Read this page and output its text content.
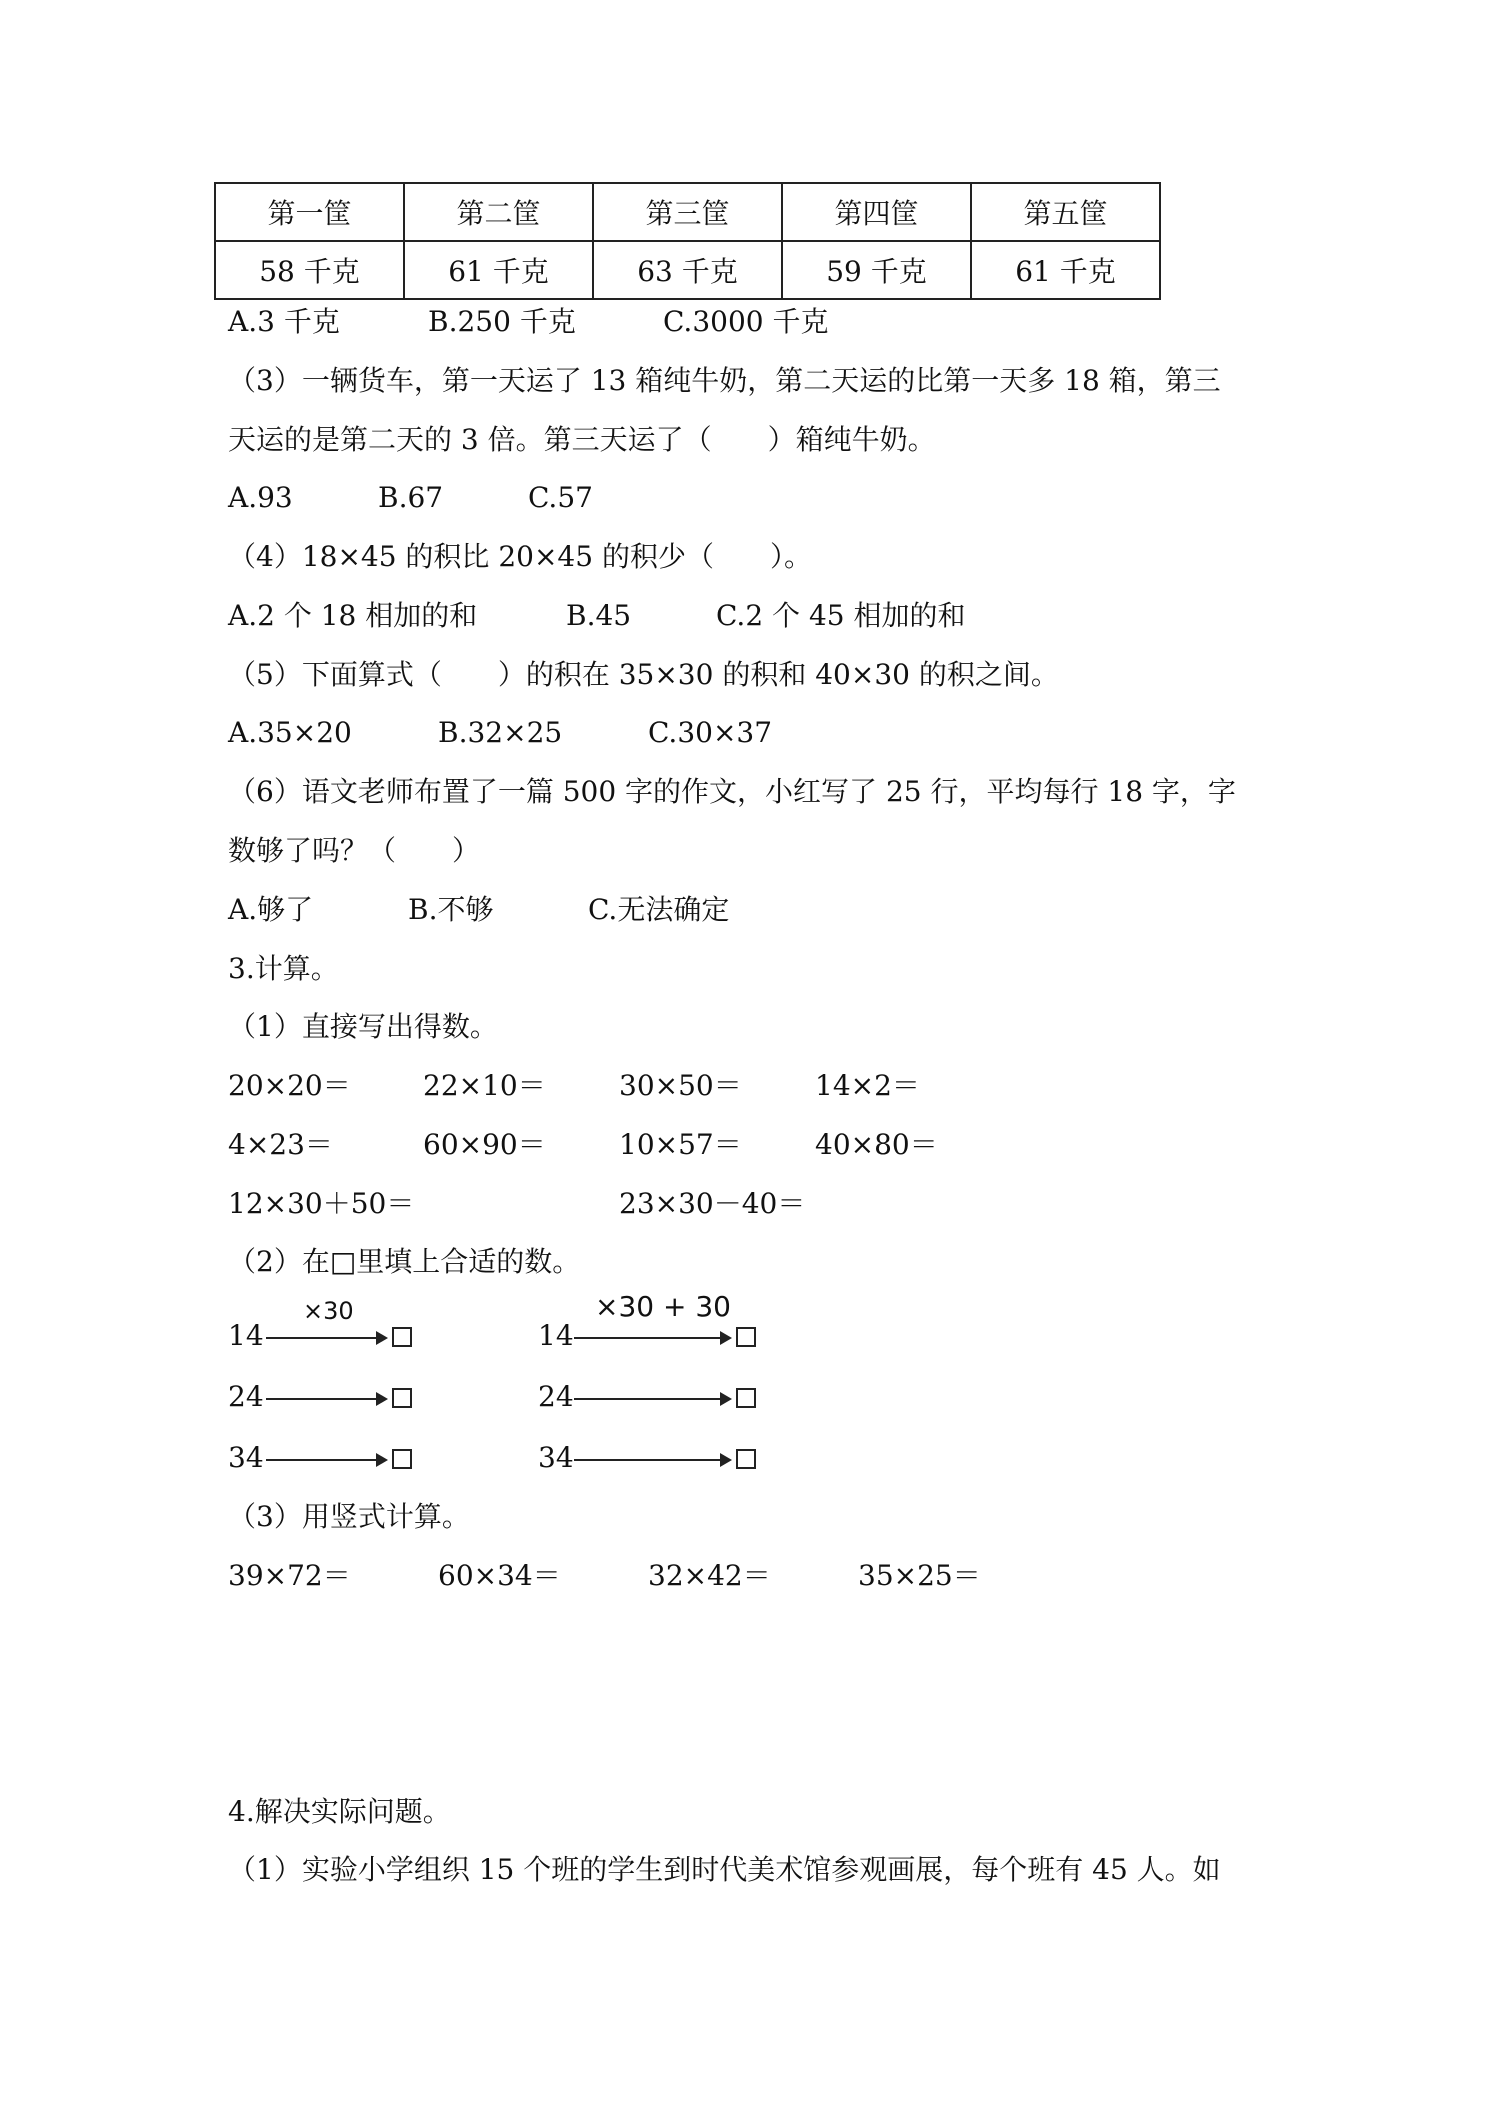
第一筐	第二筐	第三筐	第四筐	第五筐
58 千克	61 千克	63 千克	59 千克	61 千克
A.3 千克	B.250 千克	C.3000 千克
（3）一辆货车，第一天运了 13 箱纯牛奶，第二天运的比第一天多 18 箱，第三
天运的是第二天的 3 倍。第三天运了（　　）箱纯牛奶。
A.93	B.67	C.57
（4）18×45 的积比 20×45 的积少（　　）。
A.2 个 18 相加的和	B.45	C.2 个 45 相加的和
（5）下面算式（　　）的积在 35×30 的积和 40×30 的积之间。
A.35×20	B.32×25	C.30×37
（6）语文老师布置了一篇 500 字的作文，小红写了 25 行，平均每行 18 字，字
数够了吗？（　　）
A.够了	B.不够	C.无法确定
3.计算。
（1）直接写出得数。
20×20＝	22×10＝	30×50＝	14×2＝
4×23＝	60×90＝	10×57＝	40×80＝
12×30＋50＝	23×30－40＝
（2）在□里填上合适的数。
×30
14
24
34
×30 + 30
14
24
34
（3）用竖式计算。
39×72＝	60×34＝	32×42＝	35×25＝
4.解决实际问题。
（1）实验小学组织 15 个班的学生到时代美术馆参观画展，每个班有 45 人。如
